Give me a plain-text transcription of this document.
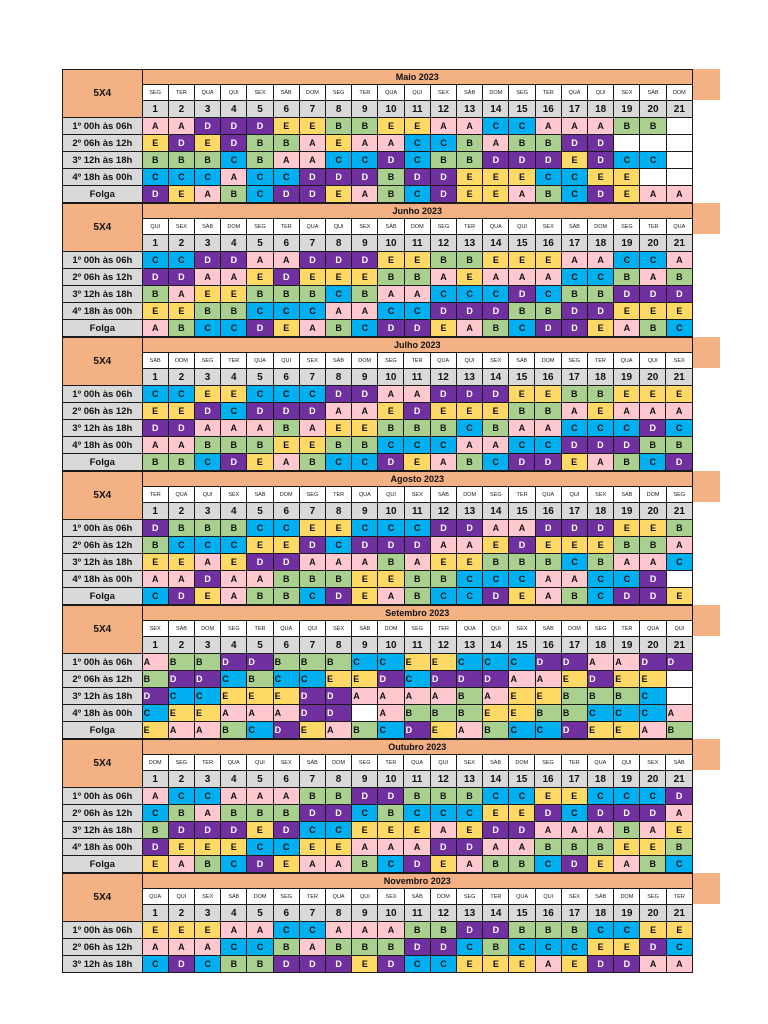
5X4	Maio 2023																				
	SEG	TER	QUA	QUI	SEX	SÁB	DOM	SEG	TER	QUA	QUI	SEX	SÁB	DOM	SEG	TER	QUA	QUI	SEX	SÁB	DOM
	1	2	3	4	5	6	7	8	9	10	11	12	13	14	15	16	17	18	19	20	21
1º 00h às 06h	A	A	D	D	D	E	E	B	B	E	E	A	A	C	C	A	A	A	B	B	
2º 06h às 12h	E	D	E	D	B	B	A	E	A	A	C	C	B	A	B	B	D	D			
3º 12h às 18h	B	B	B	C	B	A	A	C	C	D	C	B	B	D	D	D	E	D	C	C	
4º 18h às 00h	C	C	C	A	C	C	D	D	D	B	D	D	E	E	E	C	C	E	E		
Folga	D	E	A	B	C	D	D	E	A	B	C	D	E	E	A	B	C	D	E	A	A
5X4	Junho 2023																				
	QUI	SEX	SÁB	DOM	SEG	TER	QUA	QUI	SEX	SÁB	DOM	SEG	TER	QUA	QUI	SEX	SÁB	DOM	SEG	TER	QUA
	1	2	3	4	5	6	7	8	9	10	11	12	13	14	15	16	17	18	19	20	21
1º 00h às 06h	C	C	D	D	A	A	D	D	D	E	E	B	B	E	E	E	A	A	C	C	A
2º 06h às 12h	D	D	A	A	E	D	E	E	E	B	B	A	E	A	A	A	C	C	B	A	B
3º 12h às 18h	B	A	E	E	B	B	B	C	B	A	A	C	C	C	D	C	B	B	D	D	D
4º 18h às 00h	E	E	B	B	C	C	C	A	A	C	C	D	D	D	B	B	D	D	E	E	E
Folga	A	B	C	C	D	E	A	B	C	D	D	E	A	B	C	D	D	E	A	B	C
5X4	Julho 2023																				
	SÁB	DOM	SEG	TER	QUA	QUI	SEX	SÁB	DOM	SEG	TER	QUA	QUI	SEX	SÁB	DOM	SEG	TER	QUA	QUI	SEX
	1	2	3	4	5	6	7	8	9	10	11	12	13	14	15	16	17	18	19	20	21
1º 00h às 06h	C	C	E	E	C	C	C	D	D	A	A	D	D	D	E	E	B	B	E	E	E
2º 06h às 12h	E	E	D	C	D	D	D	A	A	E	D	E	E	E	B	B	A	E	A	A	A
3º 12h às 18h	D	D	A	A	A	B	A	E	E	B	B	B	C	B	A	A	C	C	C	D	C
4º 18h às 00h	A	A	B	B	B	E	E	B	B	C	C	C	A	A	C	C	D	D	D	B	B
Folga	B	B	C	D	E	A	B	C	C	D	E	A	B	C	D	D	E	A	B	C	D
5X4	Agosto 2023																				
	TER	QUA	QUI	SEX	SÁB	DOM	SEG	TER	QUA	QUI	SEX	SÁB	DOM	SEG	TER	QUA	QUI	SEX	SÁB	DOM	SEG
	1	2	3	4	5	6	7	8	9	10	11	12	13	14	15	16	17	18	19	20	21
1º 00h às 06h	D	B	B	B	C	C	E	E	C	C	C	D	D	A	A	D	D	D	E	E	B
2º 06h às 12h	B	C	C	C	E	E	D	C	D	D	D	A	A	E	D	E	E	E	B	B	A
3º 12h às 18h	E	E	A	E	D	D	A	A	A	B	A	E	E	B	B	B	C	B	A	A	C
4º 18h às 00h	A	A	D	A	A	B	B	B	E	E	B	B	C	C	C	A	A	C	C	D	
Folga	C	D	E	A	B	B	C	D	E	A	B	C	C	D	E	A	B	C	D	D	E
5X4	Setembro 2023																				
	SEX	SÁB	DOM	SEG	TER	QUA	QUI	SEX	SÁB	DOM	SEG	TER	QUA	QUI	SEX	SÁB	DOM	SEG	TER	QUA	QUI
	1	2	3	4	5	6	7	8	9	10	11	12	13	14	15	16	17	18	19	20	21
1º 00h às 06h	A	B	B	D	D	B	B	B	C	C	E	E	C	C	C	D	D	A	A	D	D
2º 06h às 12h	B	D	D	C	B	C	C	E	E	D	C	D	D	D	A	A	E	D	E	E	
3º 12h às 18h	D	C	C	E	E	E	D	D	A	A	A	A	B	A	E	E	B	B	B	C	
4º 18h às 00h	C	E	E	A	A	A	D	D		A	B	B	B	E	E	B	B	C	C	C	A
Folga	E	A	A	B	C	D	E	A	B	C	D	E	A	B	C	C	D	E	E	A	B
5X4	Outubro 2023																				
	DOM	SEG	TER	QUA	QUI	SEX	SÁB	DOM	SEG	TER	QUA	QUI	SEX	SÁB	DOM	SEG	TER	QUA	QUI	SEX	SÁB
	1	2	3	4	5	6	7	8	9	10	11	12	13	14	15	16	17	18	19	20	21
1º 00h às 06h	A	C	C	A	A	A	B	B	D	D	B	B	B	C	C	E	E	C	C	C	D
2º 06h às 12h	C	B	A	B	B	B	D	D	C	B	C	C	C	E	E	D	C	D	D	D	A
3º 12h às 18h	B	D	D	D	E	D	C	C	E	E	E	A	E	D	D	A	A	A	B	A	E
4º 18h às 00h	D	E	E	E	C	C	E	E	A	A	A	D	D	A	A	B	B	B	E	E	B
Folga	E	A	B	C	D	E	A	A	B	C	D	E	A	B	B	C	D	E	A	B	C
5X4	Novembro 2023																				
	QUA	QUI	SEX	SÁB	DOM	SEG	TER	QUA	QUI	SEX	SÁB	DOM	SEG	TER	QUA	QUI	SEX	SÁB	DOM	SEG	TER
	1	2	3	4	5	6	7	8	9	10	11	12	13	14	15	16	17	18	19	20	21
1º 00h às 06h	E	E	E	A	A	C	C	A	A	A	B	B	D	D	B	B	B	C	C	E	E
2º 06h às 12h	A	A	A	C	C	B	A	B	B	B	D	D	C	B	C	C	C	E	E	D	C
3º 12h às 18h	C	D	C	B	B	D	D	D	E	D	C	C	E	E	E	A	E	D	D	A	A
